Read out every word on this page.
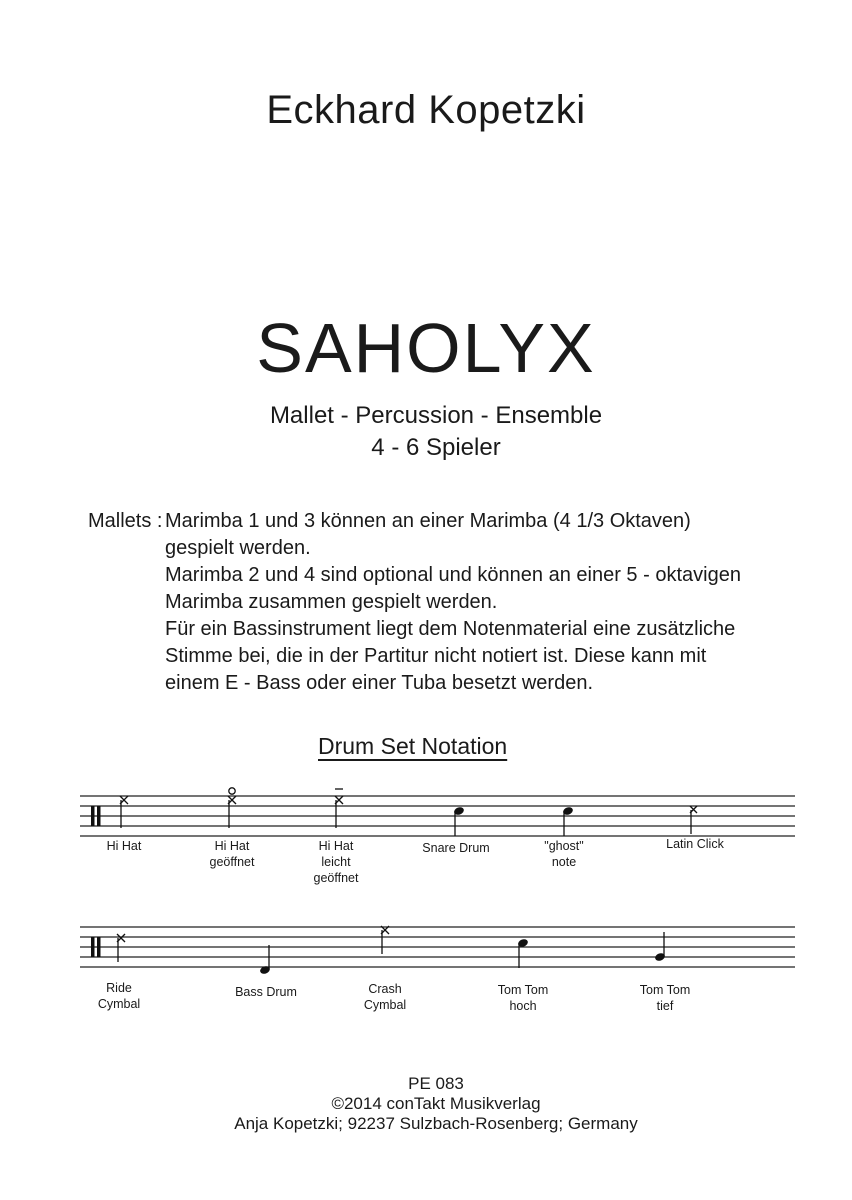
Eckhard Kopetzki
SAHOLYX
Mallet - Percussion - Ensemble
4 - 6 Spieler
Mallets : Marimba 1 und 3 können an einer Marimba (4 1/3 Oktaven)
gespielt werden.
Marimba 2 und 4 sind optional und können an einer 5 - oktavigen
Marimba zusammen gespielt werden.
Für ein Bassinstrument liegt dem Notenmaterial eine zusätzliche
Stimme bei, die in der Partitur nicht notiert ist. Diese kann mit
einem E - Bass oder einer Tuba besetzt werden.
Drum Set Notation
Hi Hat	Hi Hat
geöffnet
Hi Hat
leicht
geöffnet
Snare Drum	"ghost"
note
Latin Click
Ride
Cymbal
Bass Drum	Crash
Cymbal
Tom Tom
hoch
Tom Tom
tief
PE 083
©2014 conTakt Musikverlag
Anja Kopetzki; 92237 Sulzbach-Rosenberg; Germany
